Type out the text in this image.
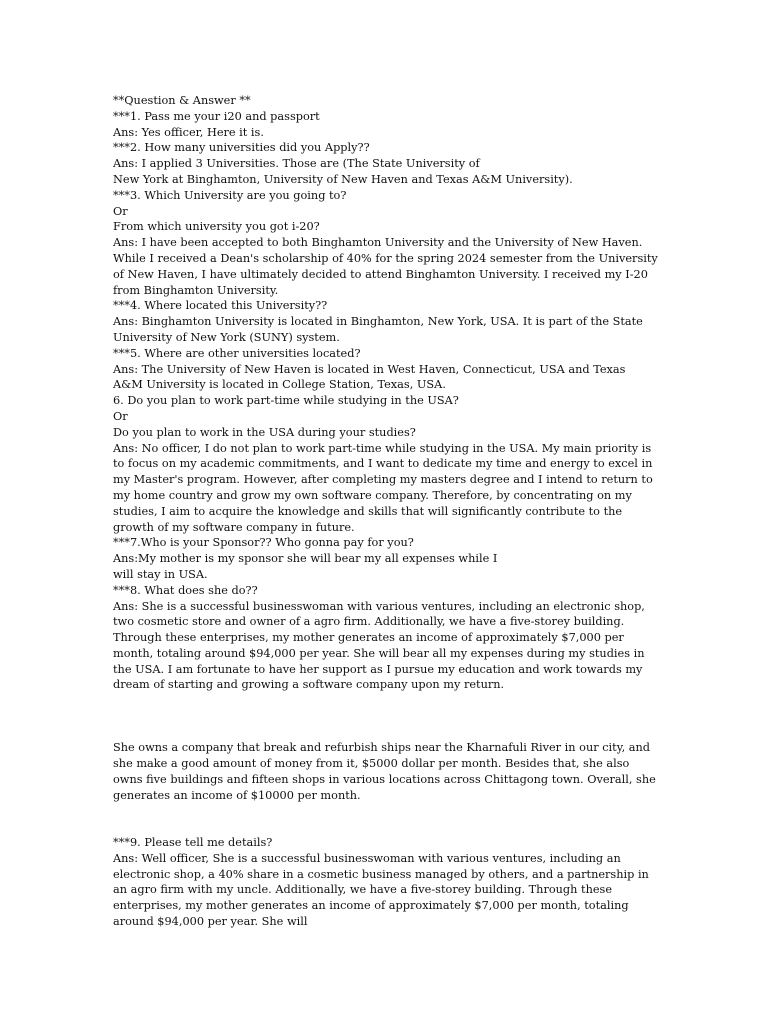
**Question & Answer **
***1. Pass me your i20 and passport
Ans: Yes officer, Here it is.
***2. How many universities did you Apply??
Ans: I applied 3 Universities. Those are (The State University of
New York at Binghamton, University of New Haven and Texas A&M University).
***3. Which University are you going to?
Or
From which university you got i-20?
Ans: I have been accepted to both Binghamton University and the University of New Haven. While I received a Dean's scholarship of 40% for the spring 2024 semester from the University of New Haven, I have ultimately decided to attend Binghamton University. I received my I-20 from Binghamton University.
***4. Where located this University??
Ans: Binghamton University is located in Binghamton, New York, USA. It is part of the State University of New York (SUNY) system.
***5. Where are other universities located?
Ans: The University of New Haven is located in West Haven, Connecticut, USA and Texas A&M University is located in College Station, Texas, USA.
6. Do you plan to work part-time while studying in the USA?
Or
Do you plan to work in the USA during your studies?
Ans: No officer, I do not plan to work part-time while studying in the USA. My main priority is to focus on my academic commitments, and I want to dedicate my time and energy to excel in my Master's program. However, after completing my masters degree and I intend to return to my home country and grow my own software company. Therefore, by concentrating on my studies, I aim to acquire the knowledge and skills that will significantly contribute to the growth of my software company in future.
***7.Who is your Sponsor?? Who gonna pay for you?
Ans:My mother is my sponsor she will bear my all expenses while I
will stay in USA.
***8. What does she do??
Ans: She is a successful businesswoman with various ventures, including an electronic shop, two cosmetic store and owner of a agro firm. Additionally, we have a five-storey building. Through these enterprises, my mother generates an income of approximately $7,000 per month, totaling around $94,000 per year. She will bear all my expenses during my studies in the USA. I am fortunate to have her support as I pursue my education and work towards my dream of starting and growing a software company upon my return.
She owns a company that break and refurbish ships near the Kharnafuli River in our city, and she make a good amount of money from it, $5000 dollar per month. Besides that, she also owns five buildings and fifteen shops in various locations across Chittagong town. Overall, she generates an income of $10000 per month.
***9. Please tell me details?
Ans: Well officer, She is a successful businesswoman with various ventures, including an electronic shop, a 40% share in a cosmetic business managed by others, and a partnership in an agro firm with my uncle. Additionally, we have a five-storey building. Through these enterprises, my mother generates an income of approximately $7,000 per month, totaling around $94,000 per year. She will
